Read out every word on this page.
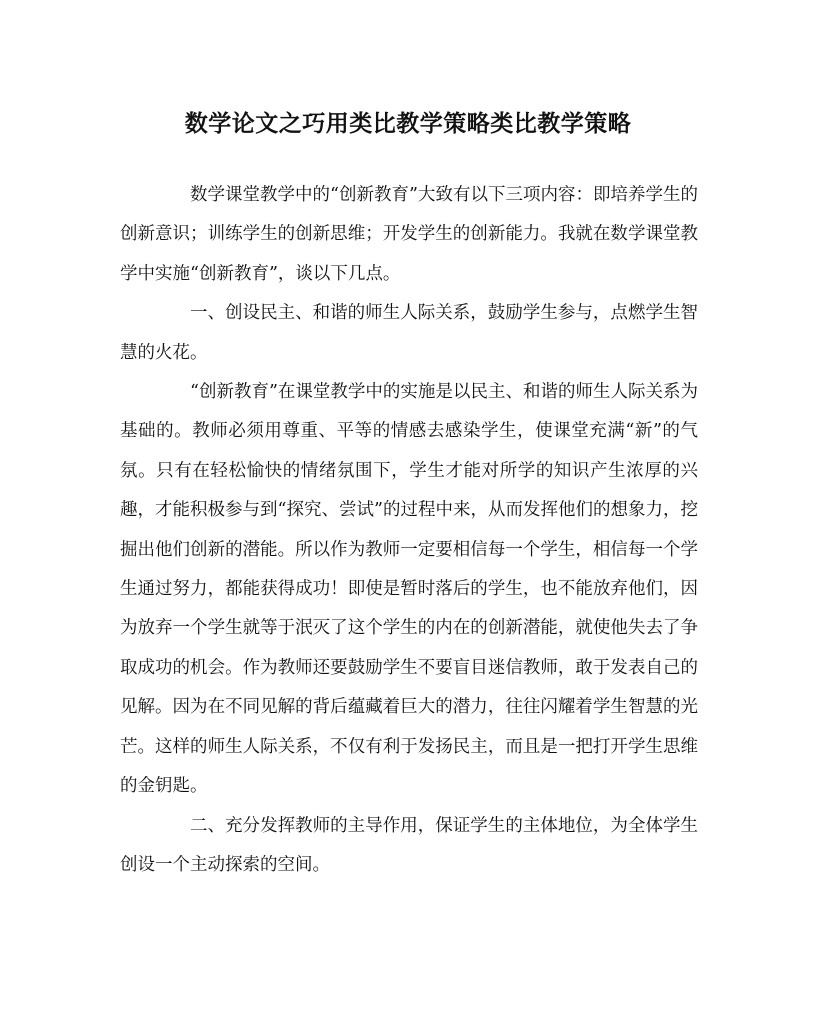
数学论文之巧用类比教学策略类比教学策略

数学课堂教学中的“创新教育”大致有以下三项内容：即培养学生的创新意识；训练学生的创新思维；开发学生的创新能力。我就在数学课堂教学中实施“创新教育”，谈以下几点。

一、创设民主、和谐的师生人际关系，鼓励学生参与，点燃学生智慧的火花。

“创新教育”在课堂教学中的实施是以民主、和谐的师生人际关系为基础的。教师必须用尊重、平等的情感去感染学生，使课堂充满“新”的气氛。只有在轻松愉快的情绪氛围下，学生才能对所学的知识产生浓厚的兴趣，才能积极参与到“探究、尝试”的过程中来，从而发挥他们的想象力，挖掘出他们创新的潜能。所以作为教师一定要相信每一个学生，相信每一个学生通过努力，都能获得成功！即使是暂时落后的学生，也不能放弃他们，因为放弃一个学生就等于泯灭了这个学生的内在的创新潜能，就使他失去了争取成功的机会。作为教师还要鼓励学生不要盲目迷信教师，敢于发表自己的见解。因为在不同见解的背后蕴藏着巨大的潜力，往往闪耀着学生智慧的光芒。这样的师生人际关系，不仅有利于发扬民主，而且是一把打开学生思维的金钥匙。

二、充分发挥教师的主导作用，保证学生的主体地位，为全体学生创设一个主动探索的空间。
